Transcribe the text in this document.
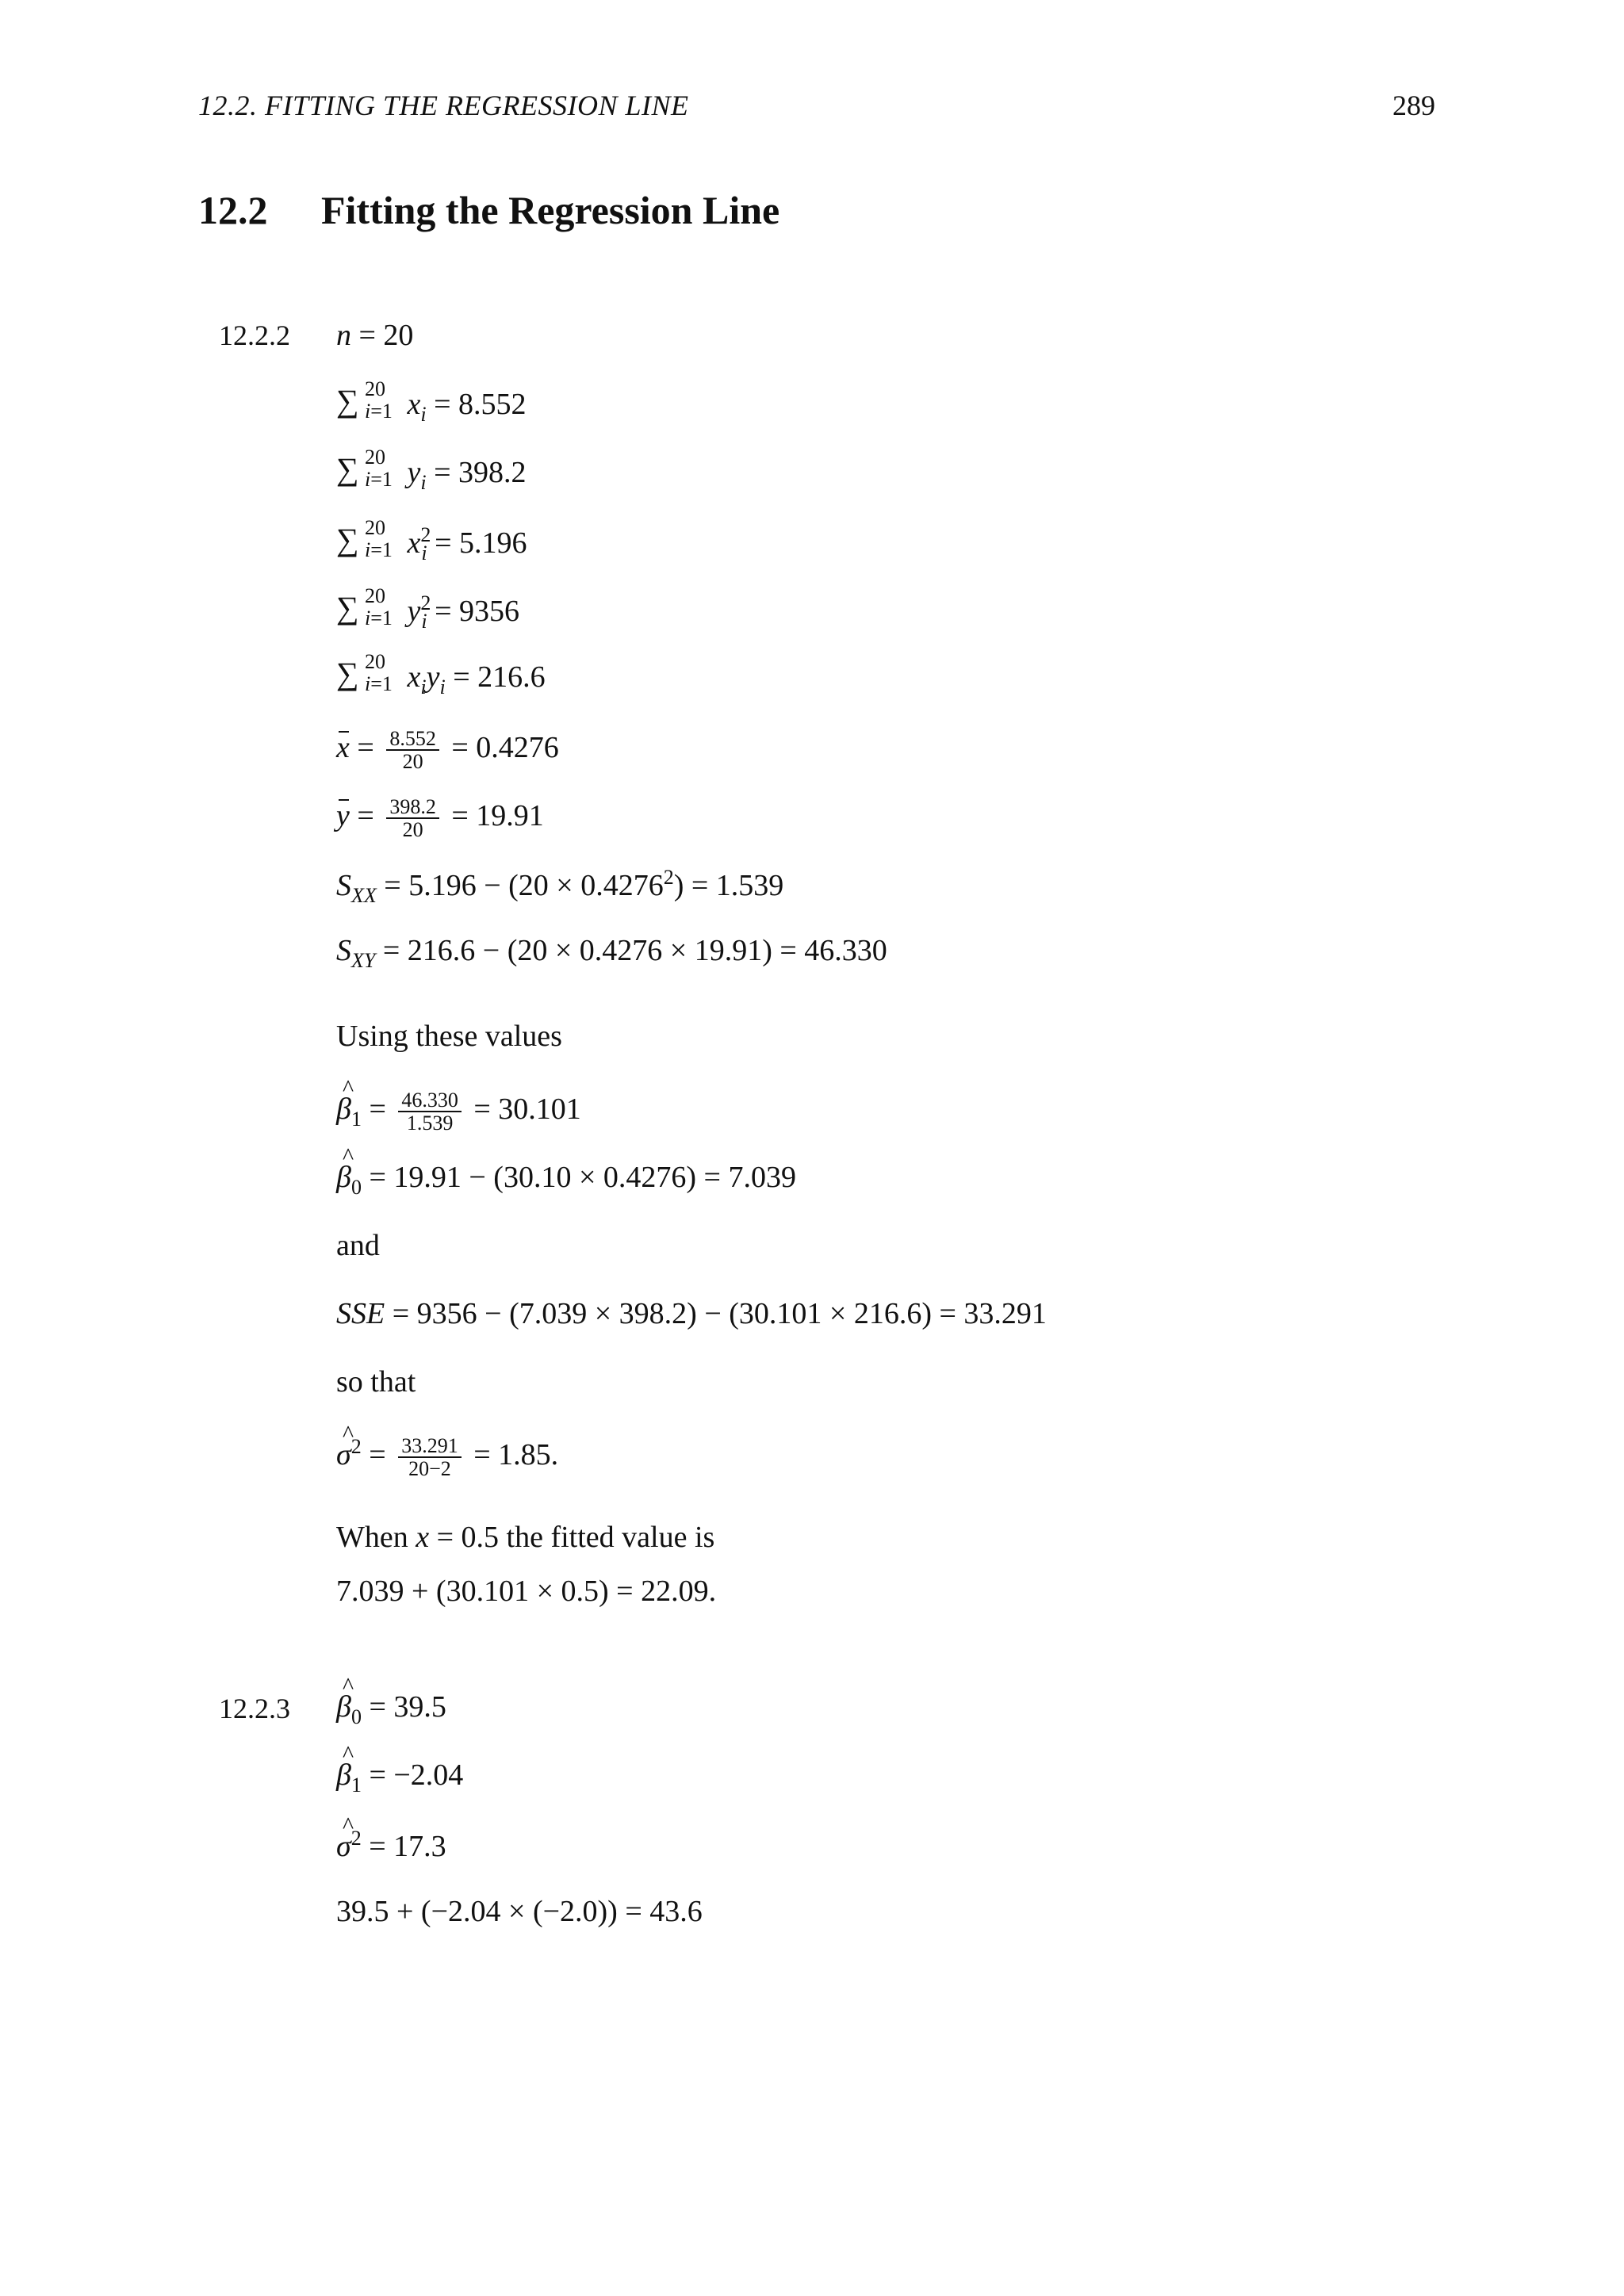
12.2. FITTING THE REGRESSION LINE	289
12.2 Fitting the Regression Line
12.2.2 n = 20
∑ 20
i=1 $x_i = 8.552$
∑ 20
i=1 $y_i = 398.2$
∑ 20
i=1 $x^2_i = 5.196$
∑ 20
i=1 $y^2_i = 9356$
∑ 20
i=1 $x_iy_i = 216.6$
$x = \frac{8.552}{20} = 0.4276$
$y = \frac{398.2}{20} = 19.91$
$S_{XX} = 5.196 - (20 \times 0.4276^2) = 1.539$
$S_{XY} = 216.6 - (20 \times 0.4276 \times 19.91) = 46.330$
Using these values
^ $\beta_1 = \frac{46.330}{1.539} = 30.101$
^ $\beta_0 = 19.91 - (30.10 \times 0.4276) = 7.039$
and
SSE = 9356 − (7.039 × 398.2) − (30.101 × 216.6) = 33.291
so that
^ $\sigma^2 = \frac{33.291}{20-2} = 1.85$.
When x = 0.5 the fitted value is
7.039 + (30.101 × 0.5) = 22.09.
12.2.3
^ $\beta_0 = 39.5$
^ $\beta_1 = -2.04$
^ $\sigma^2 = 17.3$
39.5 + (−2.04 × (−2.0)) = 43.6
